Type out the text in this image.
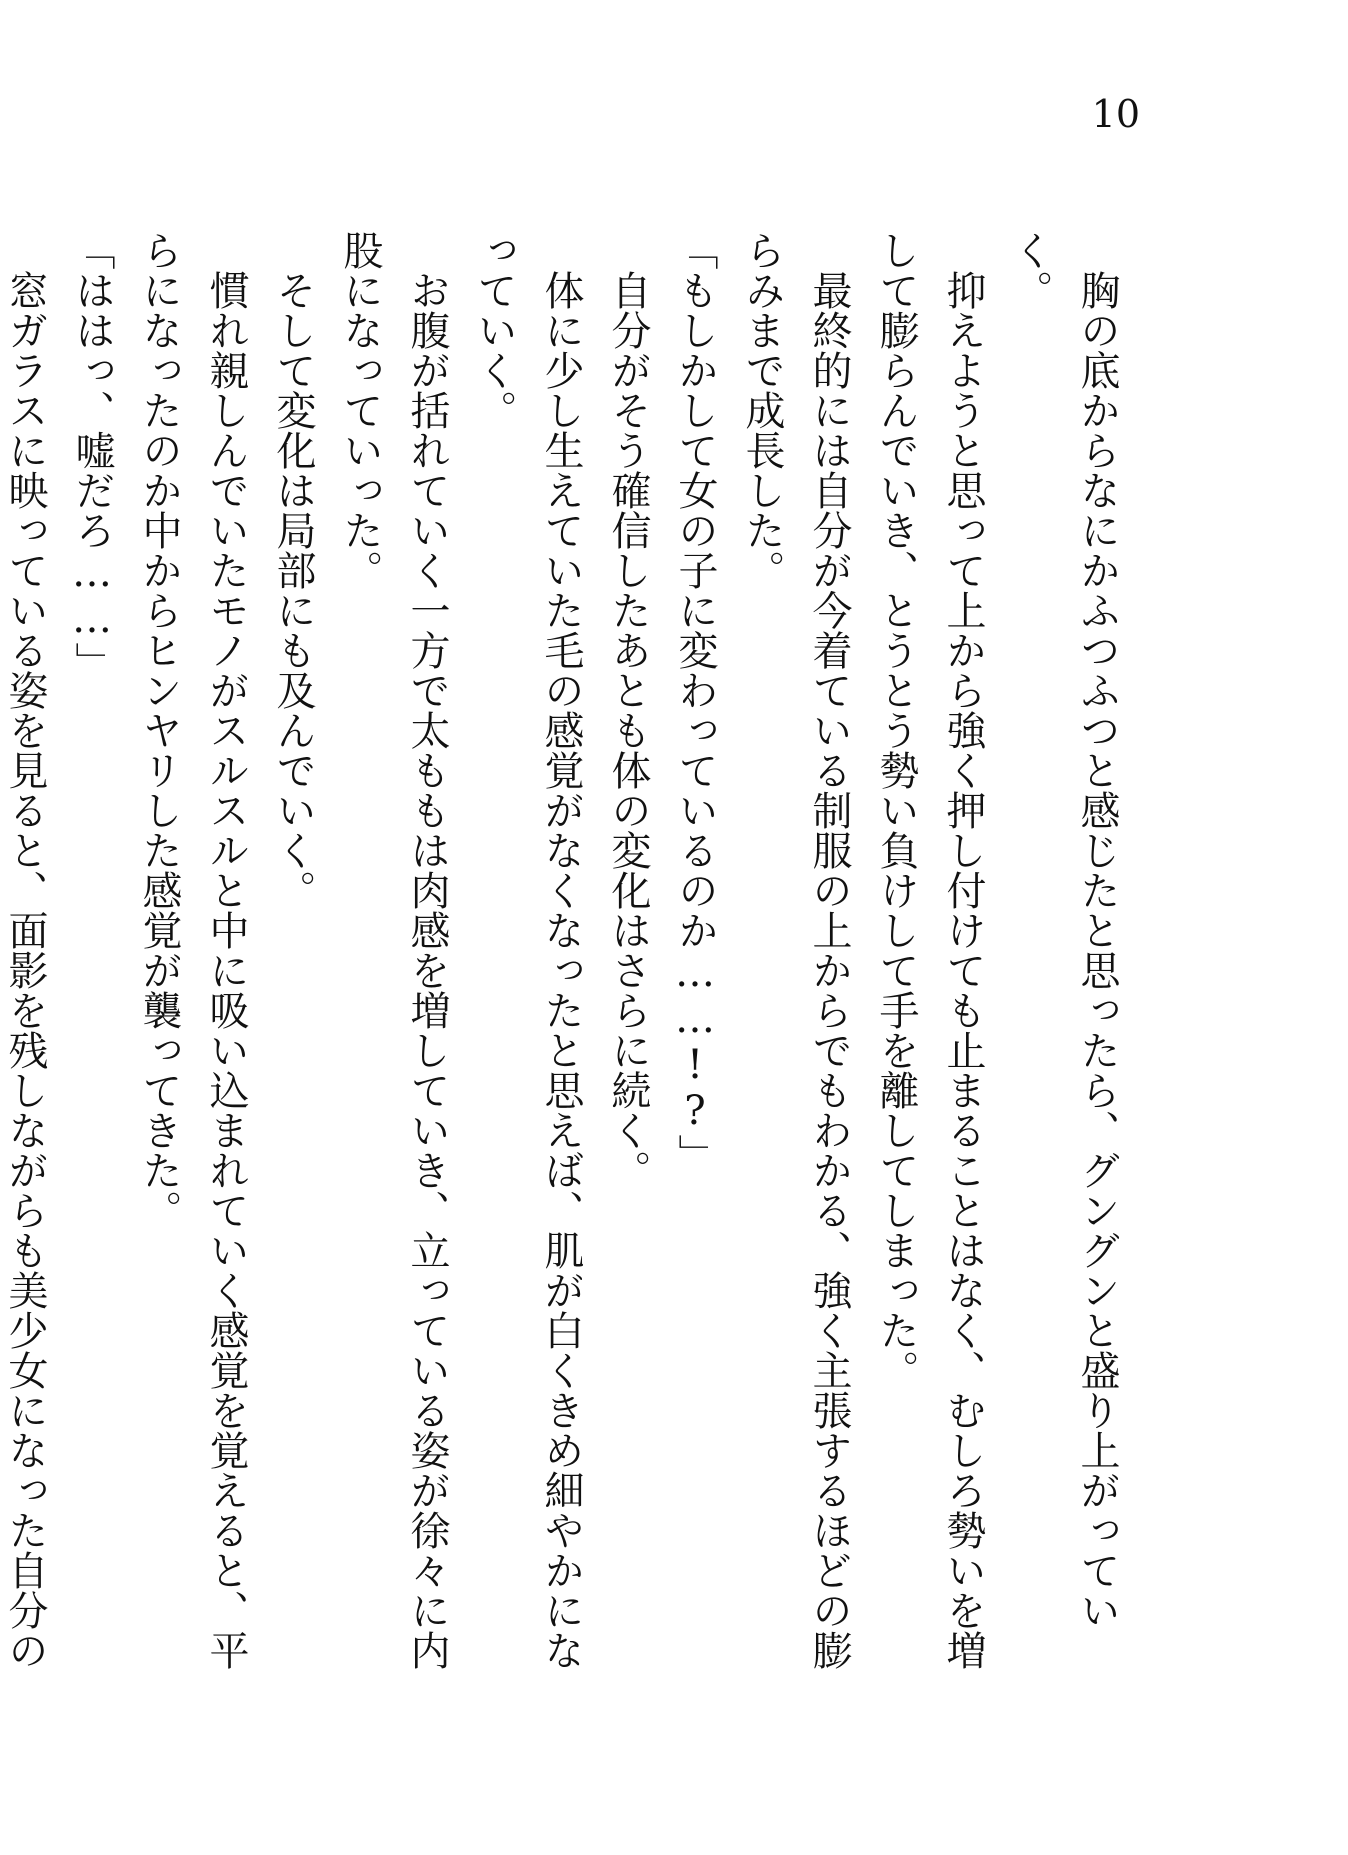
10

胸の底からなにかふつふつと感じたと思ったら、グングンと盛り上がっていく。

抑えようと思って上から強く押し付けても止まることはなく、むしろ勢いを増して膨らんでいき、とうとう勢い負けして手を離してしまった。

最終的には自分が今着ている制服の上からでもわかる、強く主張するほどの膨らみまで成長した。

「もしかして女の子に変わっているのか……!?」

自分がそう確信したあとも体の変化はさらに続く。

体に少し生えていた毛の感覚がなくなったと思えば、肌が白くきめ細やかになっていく。

お腹が括れていく一方で太ももは肉感を増していき、立っている姿が徐々に内股になっていった。

そして変化は局部にも及んでいく。

慣れ親しんでいたモノがスルスルと中に吸い込まれていく感覚を覚えると、平らになったのか中からヒンヤリした感覚が襲ってきた。

「ははっ、嘘だろ……」

窓ガラスに映っている姿を見ると、面影を残しながらも美少女になった自分の
